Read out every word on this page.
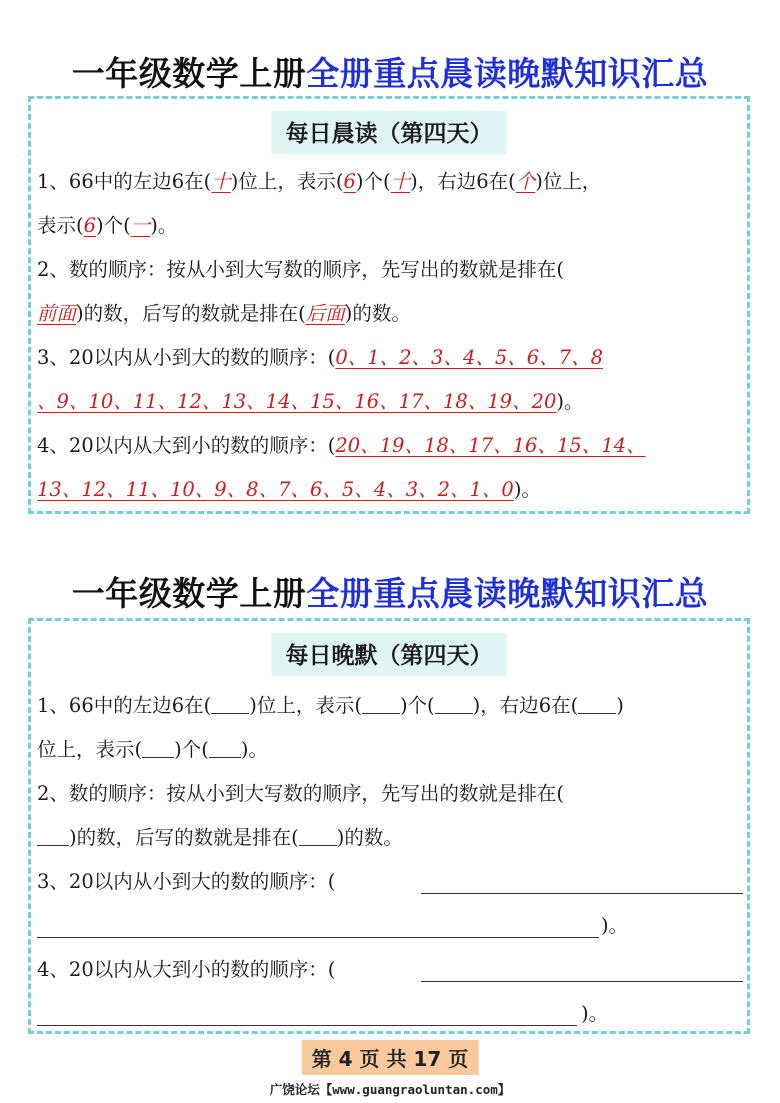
一年级数学上册全册重点晨读晚默知识汇总
每日晨读（第四天）
1、66中的左边6在(十)位上，表示(6)个(十)，右边6在(个)位上，
表示(6)个(一)。
2、数的顺序：按从小到大写数的顺序，先写出的数就是排在(
前面)的数，后写的数就是排在(后面)的数。
3、20以内从小到大的数的顺序：(0、1、2、3、4、5、6、7、8
、9、10、11、12、13、14、15、16、17、18、19、20)。
4、20以内从大到小的数的顺序：(20、19、18、17、16、15、14、
13、12、11、10、9、8、7、6、5、4、3、2、1、0)。
一年级数学上册全册重点晨读晚默知识汇总
每日晚默（第四天）
1、66中的左边6在( )位上，表示( )个( )，右边6在( )
位上，表示( )个( )。
2、数的顺序：按从小到大写数的顺序，先写出的数就是排在(
)的数，后写的数就是排在( )的数。
3、20以内从小到大的数的顺序：(
)。
4、20以内从大到小的数的顺序：(
)。
第 4 页 共 17 页
广饶论坛【www.guangraoluntan.com】
